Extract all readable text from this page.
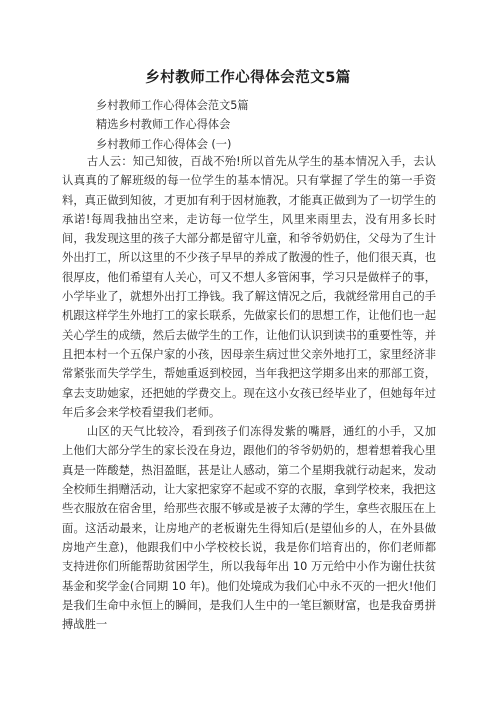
乡村教师工作心得体会范文5篇
乡村教师工作心得体会范文5篇
精选乡村教师工作心得体会
乡村教师工作心得体会 (一)

古人云：知己知彼，百战不殆!所以首先从学生的基本情况入手，去认认真真的了解班级的每一位学生的基本情况。只有掌握了学生的第一手资料，真正做到知彼，才更加有利于因材施教，才能真正做到为了一切学生的承诺!每周我抽出空来，走访每一位学生，风里来雨里去，没有用多长时间，我发现这里的孩子大部分都是留守儿童，和爷爷奶奶住，父母为了生计外出打工，所以这里的不少孩子早早的养成了散漫的性子，他们很天真，也很厚皮，他们希望有人关心，可又不想人多管闲事，学习只是做样子的事，小学毕业了，就想外出打工挣钱。我了解这情况之后，我就经常用自己的手机跟这样学生外地打工的家长联系，先做家长们的思想工作，让他们也一起关心学生的成绩，然后去做学生的工作，让他们认识到读书的重要性等，并且把本村一个五保户家的小孩，因母亲生病过世父亲外地打工，家里经济非常紧张而失学学生，帮她重返到校园，当年我把这学期多出来的那部工资，拿去支助她家，还把她的学费交上。现在这小女孩已经毕业了，但她每年过年后多会来学校看望我们老师。

山区的天气比较冷，看到孩子们冻得发紫的嘴唇，通红的小手，又加上他们大部分学生的家长没在身边，跟他们的爷爷奶奶的，想着想着我心里真是一阵酸楚，热泪盈眶，甚是让人感动，第二个星期我就行动起来，发动全校师生捐赠活动，让大家把家穿不起或不穿的衣服，拿到学校来，我把这些衣服放在宿舍里，给那些衣服不够或是被子太薄的学生，拿些衣服压在上面。这活动最来，让房地产的老板谢先生得知后(是望仙乡的人，在外县做房地产生意)，他跟我们中小学校校长说，我是你们培育出的，你们老师都支持进你们所能帮助贫困学生，所以我每年出 10 万元给中小作为谢仕扶贫基金和奖学金(合同期 10 年)。他们处境成为我们心中永不灭的一把火!他们是我们生命中永恒上的瞬间，是我们人生中的一笔巨额财富，也是我奋勇拼搏战胜一
